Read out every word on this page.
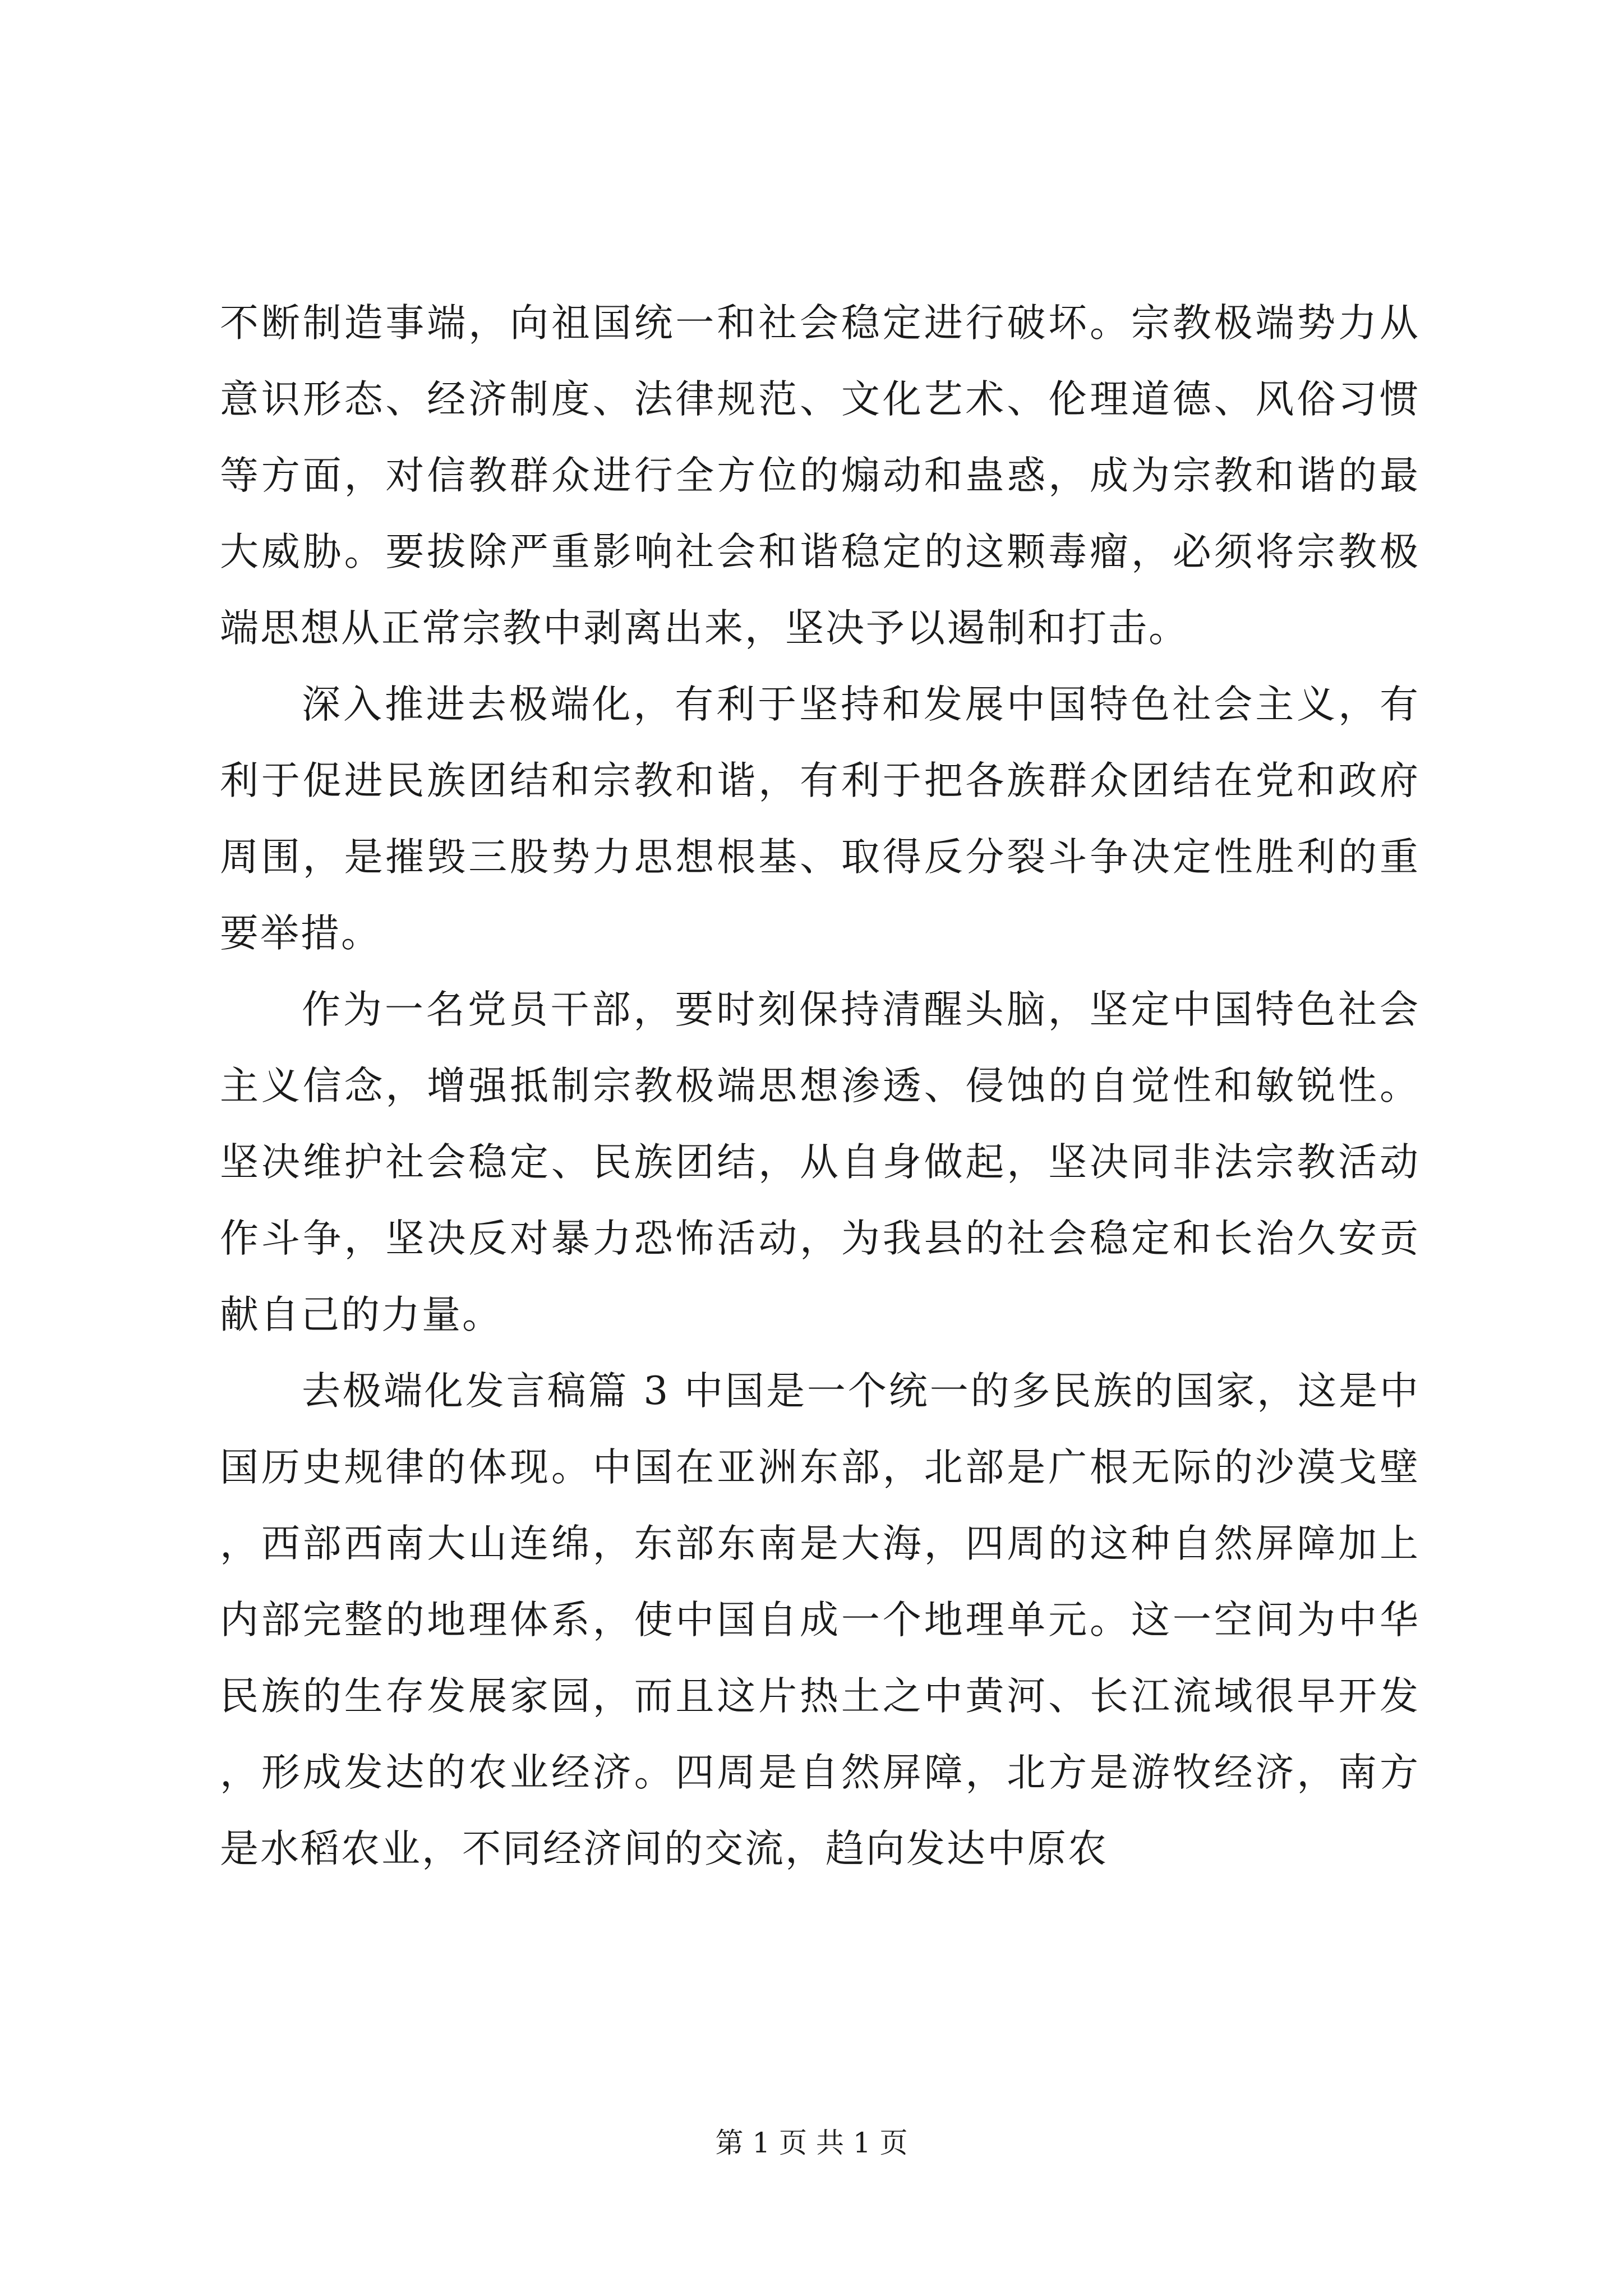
不断制造事端，向祖国统一和社会稳定进行破坏。宗教极端势力从意识形态、经济制度、法律规范、文化艺术、伦理道德、风俗习惯等方面，对信教群众进行全方位的煽动和蛊惑，成为宗教和谐的最大威胁。要拔除严重影响社会和谐稳定的这颗毒瘤，必须将宗教极端思想从正常宗教中剥离出来，坚决予以遏制和打击。

深入推进去极端化，有利于坚持和发展中国特色社会主义，有利于促进民族团结和宗教和谐，有利于把各族群众团结在党和政府周围，是摧毁三股势力思想根基、取得反分裂斗争决定性胜利的重要举措。

作为一名党员干部，要时刻保持清醒头脑，坚定中国特色社会主义信念，增强抵制宗教极端思想渗透、侵蚀的自觉性和敏锐性。坚决维护社会稳定、民族团结，从自身做起，坚决同非法宗教活动作斗争，坚决反对暴力恐怖活动，为我县的社会稳定和长治久安贡献自己的力量。

去极端化发言稿篇 3 中国是一个统一的多民族的国家，这是中国历史规律的体现。中国在亚洲东部，北部是广根无际的沙漠戈壁，西部西南大山连绵，东部东南是大海，四周的这种自然屏障加上内部完整的地理体系，使中国自成一个地理单元。这一空间为中华民族的生存发展家园，而且这片热土之中黄河、长江流域很早开发，形成发达的农业经济。四周是自然屏障，北方是游牧经济，南方是水稻农业，不同经济间的交流，趋向发达中原农

第 1 页 共 1 页
